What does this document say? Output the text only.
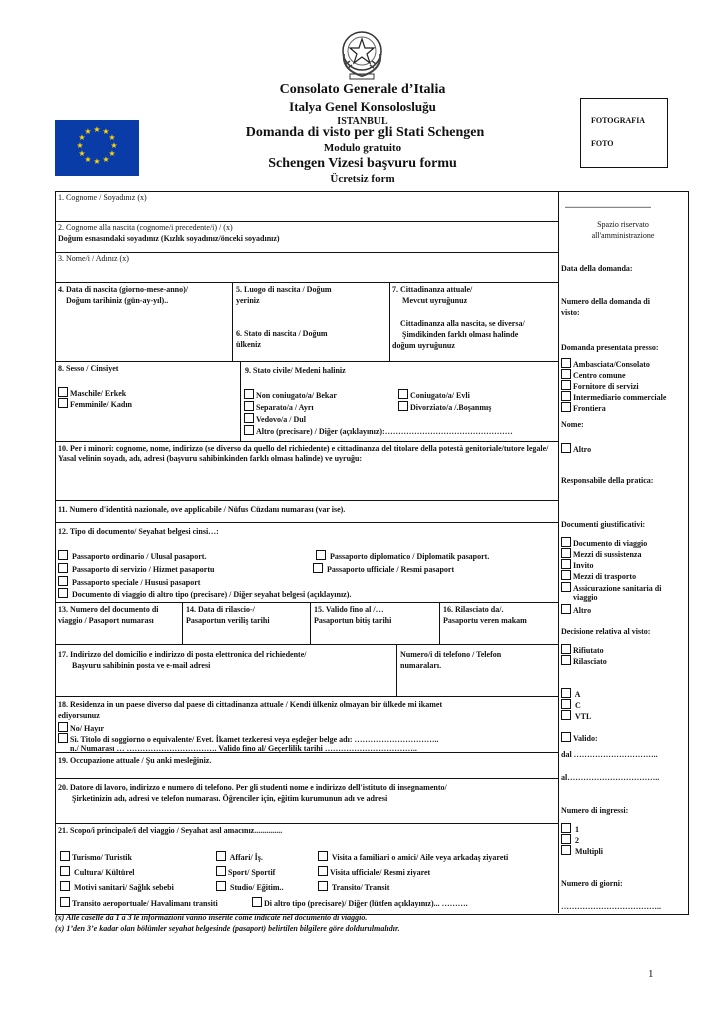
Consolato Generale d’Italia
Italya Genel Konsolosluğu
ISTANBUL
Domanda di visto per gli Stati Schengen
Modulo gratuito
Schengen Vizesi başvuru formu
Ücretsiz form
★ ★
★
★
★
★
★
★
★
★
★
★
FOTOGRAFIA
FOTO
1. Cognome / Soyadınız (x)
2. Cognome alla nascita (cognome/i precedente/i) / (x)
Doğum esnasındaki soyadınız (Kızlık soyadınız/önceki soyadınız)
3. Nome/i / Adınız (x)
4. Data di nascita (giorno-mese-anno)/
Doğum tarihiniz (gün-ay-yıl)..
5. Luogo di nascita / Doğum
yeriniz
6. Stato di nascita / Doğum
ülkeniz
7. Cittadinanza attuale/
Mevcut uyruğunuz
Cittadinanza alla nascita, se diversa/
Şimdikinden farklı olması halinde
doğum uyruğunuz
8. Sesso / Cinsiyet
Maschile/ Erkek
Femminile/ Kadın
9. Stato civile/ Medeni haliniz
Non coniugato/a/ Bekar	Coniugato/a/ Evli
Separato/a / Ayrı	Divorziato/a /.Boşanmış
Vedovo/a / Dul
Altro (precisare) / Diğer (açıklayınız):…………………………………………
10. Per i minori: cognome, nome, indirizzo (se diverso da quello del richiedente) e cittadinanza del titolare della potestà genitoriale/tutore legale/ Yasal velinin soyadı, adı, adresi (başvuru sahibinkinden farklı olması halinde) ve uyruğu:
11. Numero d'identità nazionale, ove applicabile / Nüfus Cüzdanı numarası (var ise).
12. Tipo di documento/ Seyahat belgesi cinsi…:
Passaporto ordinario / Ulusal pasaport.	Passaporto diplomatico / Diplomatik pasaport.
Passaporto di servizio / Hizmet pasaportu	Passaporto ufficiale / Resmi pasaport
Passaporto speciale / Hususi pasaport
Documento di viaggio di altro tipo (precisare) / Diğer seyahat belgesi (açıklayınız).
13. Numero del documento di
viaggio / Pasaport numarası
14. Data di rilascio-/
Pasaportun veriliş tarihi
15. Valido fino al /…
Pasaportun bitiş tarihi
16. Rilasciato da/.
Pasaportu veren makam
17. Indirizzo del domicilio e indirizzo di posta elettronica del richiedente/
Başvuru sahibinin posta ve e-mail adresi
Numero/i di telefono / Telefon
numaraları.
18. Residenza in un paese diverso dal paese di cittadinanza attuale / Kendi ülkeniz olmayan bir ülkede mi ikamet
ediyorsunuz
No/ Hayır
Sì. Titolo di soggiorno o equivalente/ Evet. İkamet tezkeresi veya eşdeğer belge adı: …………………………..
n./ Numarası … ……………………………. Valido fino al/ Geçerlilik tarihi ……………………………..
19. Occupazione attuale / Şu anki mesleğiniz.
20. Datore di lavoro, indirizzo e numero di telefono. Per gli studenti nome e indirizzo dell'istituto di insegnamento/
Şirketinizin adı, adresi ve telefon numarası. Öğrenciler için, eğitim kurumunun adı ve adresi
21. Scopo/i principale/i del viaggio / Seyahat asıl amacınız..............
Turismo/ Turistik	Affari/ İş.	Visita a familiari o amici/ Aile veya arkadaş ziyareti
Cultura/ Kültürel	Sport/ Sportif	Visita ufficiale/ Resmi ziyaret
Motivi sanitari/ Sağlık sebebi	Studio/ Eğitim..	Transito/ Transit
Transito aeroportuale/ Havalimanı transiti	Di altro tipo (precisare)/ Diğer (lütfen açıklayınız)... ……….
...........................................
Spazio riservato
all'amministrazione
Data della domanda:
Numero della domanda di
visto:
Domanda presentata presso:
Ambasciata/Consolato
Centro comune
Fornitore di servizi
Intermediario commerciale
Frontiera
Nome:
Altro
Responsabile della pratica:
Documenti giustificativi:
Documento di viaggio
Mezzi di sussistenza
Invito
Mezzi di trasporto
Assicurazione sanitaria di
viaggio
Altro
Decisione relativa al visto:
Rifiutato
Rilasciato
A
C
VTL
Valido:
dal …………………………..
al……………………………..
Numero di ingressi:
1
2
Multipli
Numero di giorni:
………………………………..
(x) Alle caselle da 1 a 3 le informazioni vanno inserite come indicate nel documento di viaggio.
(x) 1’den 3’e kadar olan bölümler seyahat belgesinde (pasaport) belirtilen bilgilere göre doldurulmalıdır.
1
